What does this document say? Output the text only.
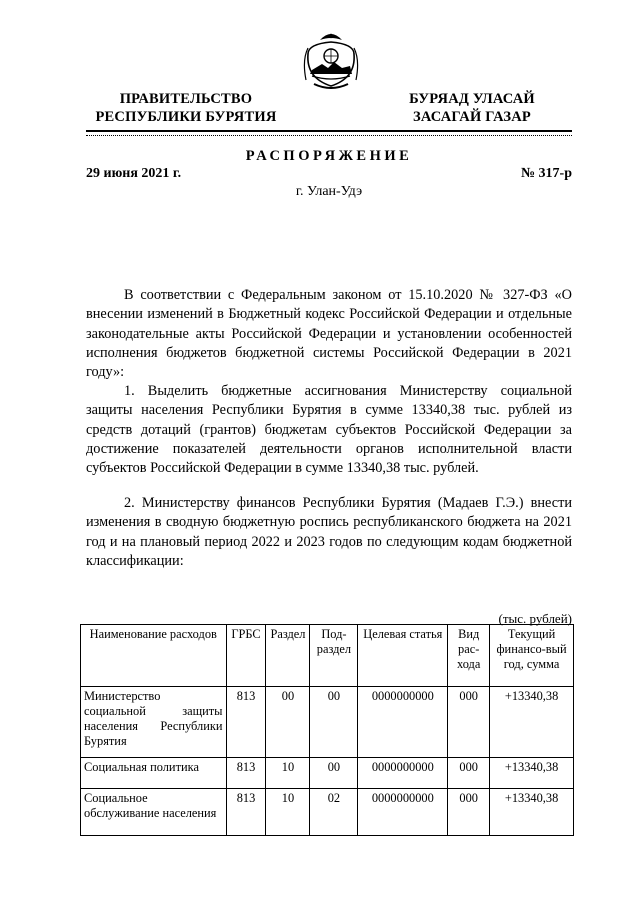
ПРАВИТЕЛЬСТВО
РЕСПУБЛИКИ БУРЯТИЯ
БУРЯАД УЛАСАЙ
ЗАСАГАЙ ГАЗАР
РАСПОРЯЖЕНИЕ
29 июня 2021 г.	№ 317-р
г. Улан-Удэ

В соответствии с Федеральным законом от 15.10.2020 № 327-ФЗ «О внесении изменений в Бюджетный кодекс Российской Федерации и отдельные законодательные акты Российской Федерации и установлении особенностей исполнения бюджетов бюджетной системы Российской Федерации в 2021 году»:

1. Выделить бюджетные ассигнования Министерству социальной защиты населения Республики Бурятия в сумме 13340,38 тыс. рублей из средств дотаций (грантов) бюджетам субъектов Российской Федерации за достижение показателей деятельности органов исполнительной власти субъектов Российской Федерации в сумме 13340,38 тыс. рублей.

2. Министерству финансов Республики Бурятия (Мадаев Г.Э.) внести изменения в сводную бюджетную роспись республиканского бюджета на 2021 год и на плановый период 2022 и 2023 годов по следующим кодам бюджетной классификации:

(тыс. рублей)
Наименование расходов	ГРБС	Раздел	Под-раздел	Целевая статья	Вид рас-хода	Текущий финансо-вый год, сумма
Министерство социальной защиты населения Республики Бурятия	813	00	00	0000000000	000	+13340,38
Социальная политика	813	10	00	0000000000	000	+13340,38
Социальное обслуживание населения	813	10	02	0000000000	000	+13340,38
